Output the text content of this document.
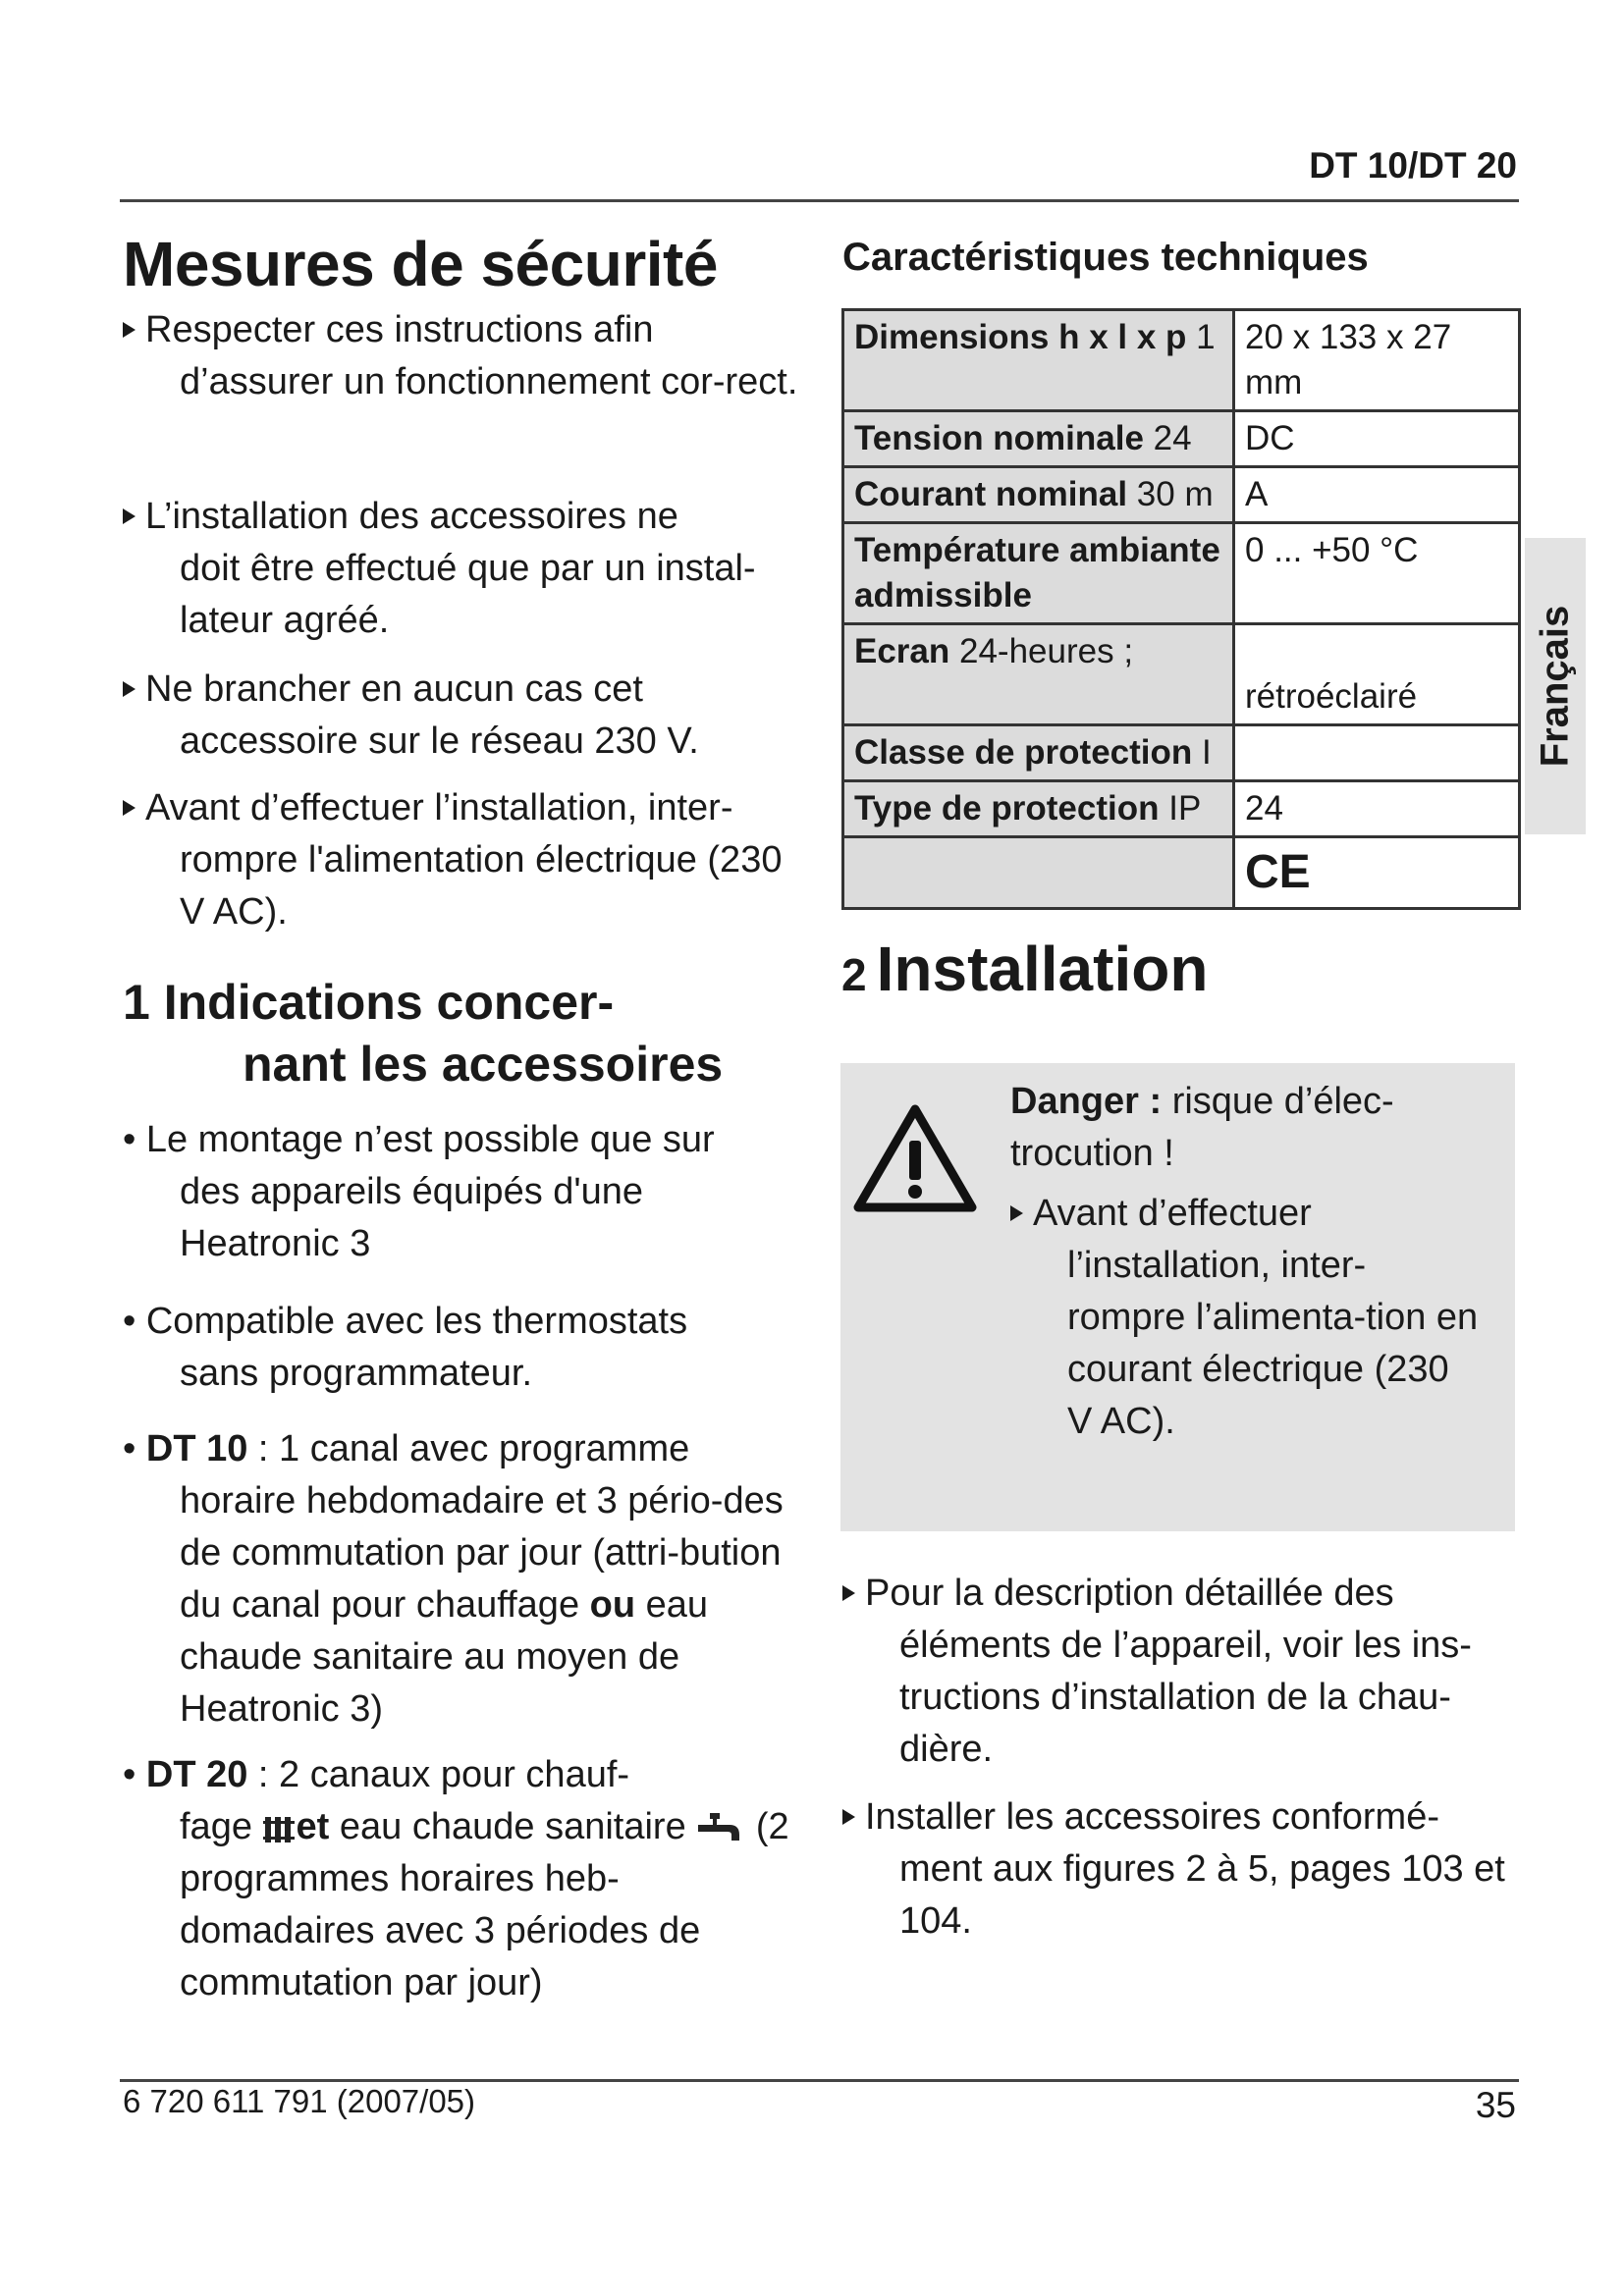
DT 10/DT 20
Mesures de sécurité
Respecter ces instructions afin
d’assurer un fonctionnement cor-rect.
L’installation des accessoires ne
doit être effectué que par un instal-lateur agréé.
Ne brancher en aucun cas cet
accessoire sur le réseau 230 V.
Avant d’effectuer l’installation, inter-
rompre l'alimentation électrique (230 V AC).
1 Indications concer-
nant les accessoires
• Le montage n’est possible que sur
des appareils équipés d'une Heatronic 3
• Compatible avec les thermostats
sans programmateur.
• DT 10 : 1 canal avec programme
horaire hebdomadaire et 3 pério-des de commutation par jour (attri-bution du canal pour chauffage ou eau chaude sanitaire au moyen de Heatronic 3)
• DT 20 : 2 canaux pour chauf-
fage et eau chaude sanitaire  (2 programmes horaires heb-domadaires avec 3 périodes de commutation par jour)
Caractéristiques techniques
Dimensions h x l x p 1	20 x 133 x 27 mm
Tension nominale 24	DC
Courant nominal 30 m	A
Température ambiante admissible	0 ... +50 °C
Ecran 24-heures ;	rétroéclairé
Classe de protection I	
Type de protection IP	24
	CE
Français
2 Installation
Danger : risque d’élec-trocution !
Avant d’effectuer
l’installation, inter-rompre l’alimenta-tion en courant électrique (230 V AC).
Pour la description détaillée des
éléments de l’appareil, voir les ins-tructions d’installation de la chau-dière.
Installer les accessoires conformé-
ment aux figures 2 à 5, pages 103 et 104.
6 720 611 791 (2007/05)	35
